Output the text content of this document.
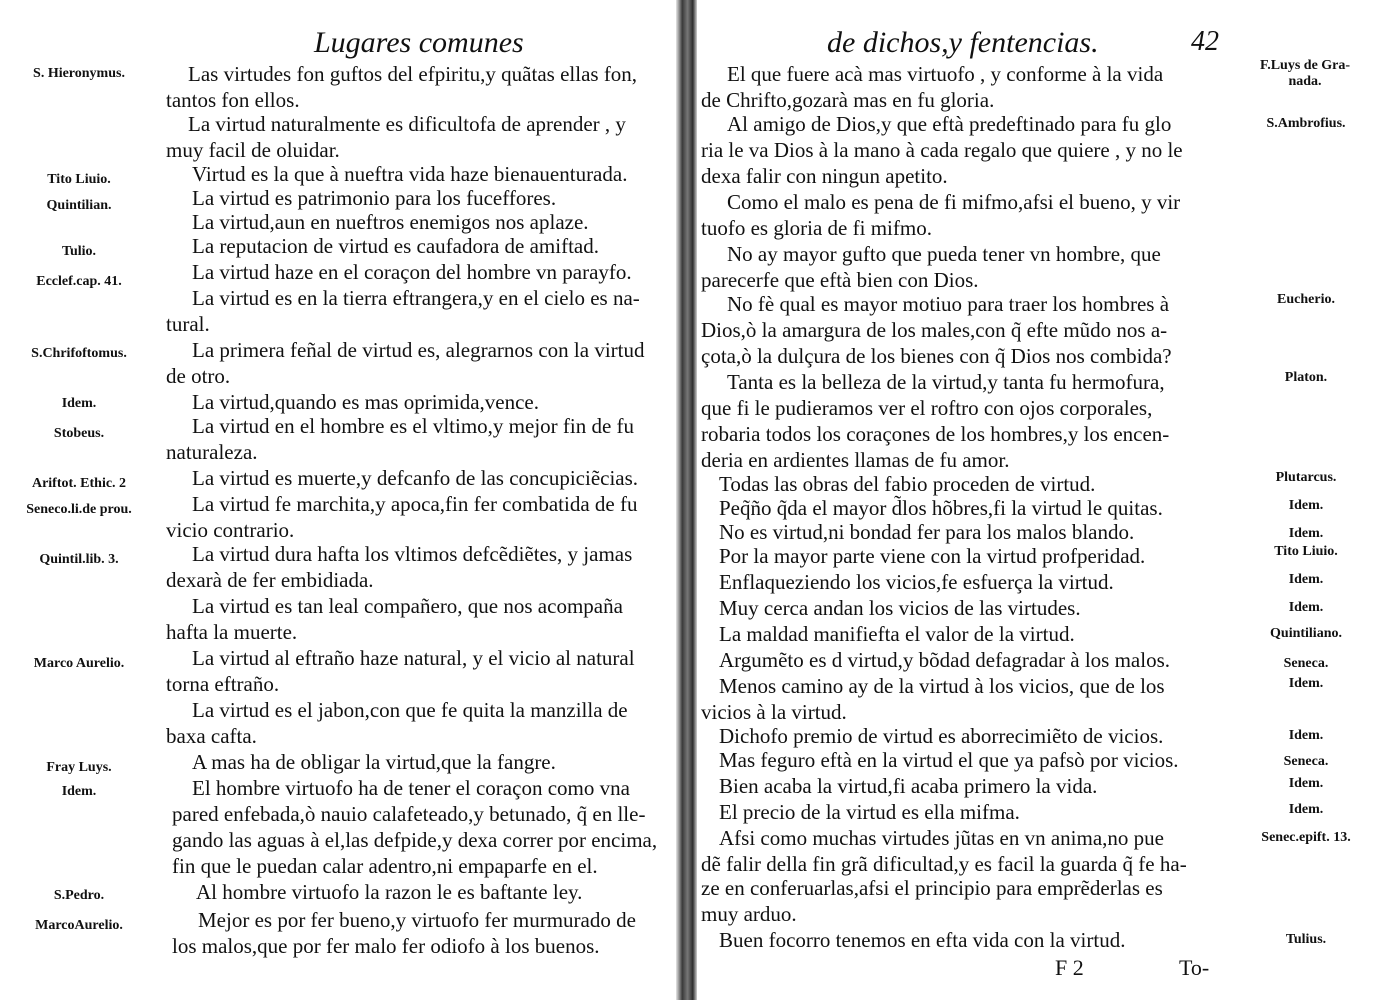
Lugares comunes
S. Hieronymus.
Tito Liuio.
Quintilian.
Tulio.
Ecclef.cap. 41.
S.Chrifoftomus.
Idem.
Stobeus.
Ariftot. Ethic. 2
Seneco.li.de prou.
Quintil.lib. 3.
Marco Aurelio.
Fray Luys.
Idem.
S.Pedro.
MarcoAurelio.
Las virtudes fon guftos del efpiritu,y quãtas ellas fon,
tantos fon ellos.
La virtud naturalmente es dificultofa de aprender , y
muy facil de oluidar.
Virtud es la que à nueftra vida haze bienauenturada.
La virtud es patrimonio para los fuceffores.
La virtud,aun en nueftros enemigos nos aplaze.
La reputacion de virtud es caufadora de amiftad.
La virtud haze en el coraçon del hombre vn parayfo.
La virtud es en la tierra eftrangera,y en el cielo es na-
tural.
La primera feñal de virtud es, alegrarnos con la virtud
de otro.
La virtud,quando es mas oprimida,vence.
La virtud en el hombre es el vltimo,y mejor fin de fu
naturaleza.
La virtud es muerte,y defcanfo de las concupiciẽcias.
La virtud fe marchita,y apoca,fin fer combatida de fu
vicio contrario.
La virtud dura hafta los vltimos defcẽdiẽtes, y jamas
dexarà de fer embidiada.
La virtud es tan leal compañero, que nos acompaña
hafta la muerte.
La virtud al eftraño haze natural, y el vicio al natural
torna eftraño.
La virtud es el jabon,con que fe quita la manzilla de
baxa cafta.
A mas ha de obligar la virtud,que la fangre.
El hombre virtuofo ha de tener el coraçon como vna
pared enfebada,ò nauio calafeteado,y betunado, q̃ en lle-
gando las aguas à el,las defpide,y dexa correr por encima,
fin que le puedan calar adentro,ni empaparfe en el.
Al hombre virtuofo la razon le es baftante ley.
Mejor es por fer bueno,y virtuofo fer murmurado de
los malos,que por fer malo fer odiofo à los buenos.
de dichos,y fentencias.	42
F.Luys de Gra- nada.
S.Ambrofius.
Eucherio.
Platon.
Plutarcus.
Idem.
Idem.
Tito Liuio.
Idem.
Idem.
Quintiliano.
Seneca.
Idem.
Idem.
Seneca.
Idem.
Idem.
Senec.epift. 13.
Tulius.
El que fuere acà mas virtuofo , y conforme à la vida
de Chrifto,gozarà mas en fu gloria.
Al amigo de Dios,y que eftà predeftinado para fu glo
ria le va Dios à la mano à cada regalo que quiere , y no le
dexa falir con ningun apetito.
Como el malo es pena de fi mifmo,afsi el bueno, y vir
tuofo es gloria de fi mifmo.
No ay mayor gufto que pueda tener vn hombre, que
parecerfe que eftà bien con Dios.
No fè qual es mayor motiuo para traer los hombres à
Dios,ò la amargura de los males,con q̃ efte mũdo nos a-
çota,ò la dulçura de los bienes con q̃ Dios nos combida?
Tanta es la belleza de la virtud,y tanta fu hermofura,
que fi le pudieramos ver el roftro con ojos corporales,
robaria todos los coraçones de los hombres,y los encen-
deria en ardientes llamas de fu amor.
Todas las obras del fabio proceden de virtud.
Peq̃ño q̃da el mayor d̃los hõbres,fi la virtud le quitas.
No es virtud,ni bondad fer para los malos blando.
Por la mayor parte viene con la virtud profperidad.
Enflaqueziendo los vicios,fe esfuerça la virtud.
Muy cerca andan los vicios de las virtudes.
La maldad manifiefta el valor de la virtud.
Argumẽto es d virtud,y bõdad defagradar à los malos.
Menos camino ay de la virtud à los vicios, que de los
vicios à la virtud.
Dichofo premio de virtud es aborrecimiẽto de vicios.
Mas feguro eftà en la virtud el que ya pafsò por vicios.
Bien acaba la virtud,fi acaba primero la vida.
El precio de la virtud es ella mifma.
Afsi como muchas virtudes jũtas en vn anima,no pue
dẽ falir della fin grã dificultad,y es facil la guarda q̃ fe ha-
ze en conferuarlas,afsi el principio para emprẽderlas es
muy arduo.
Buen focorro tenemos en efta vida con la virtud.
F 2	To-
